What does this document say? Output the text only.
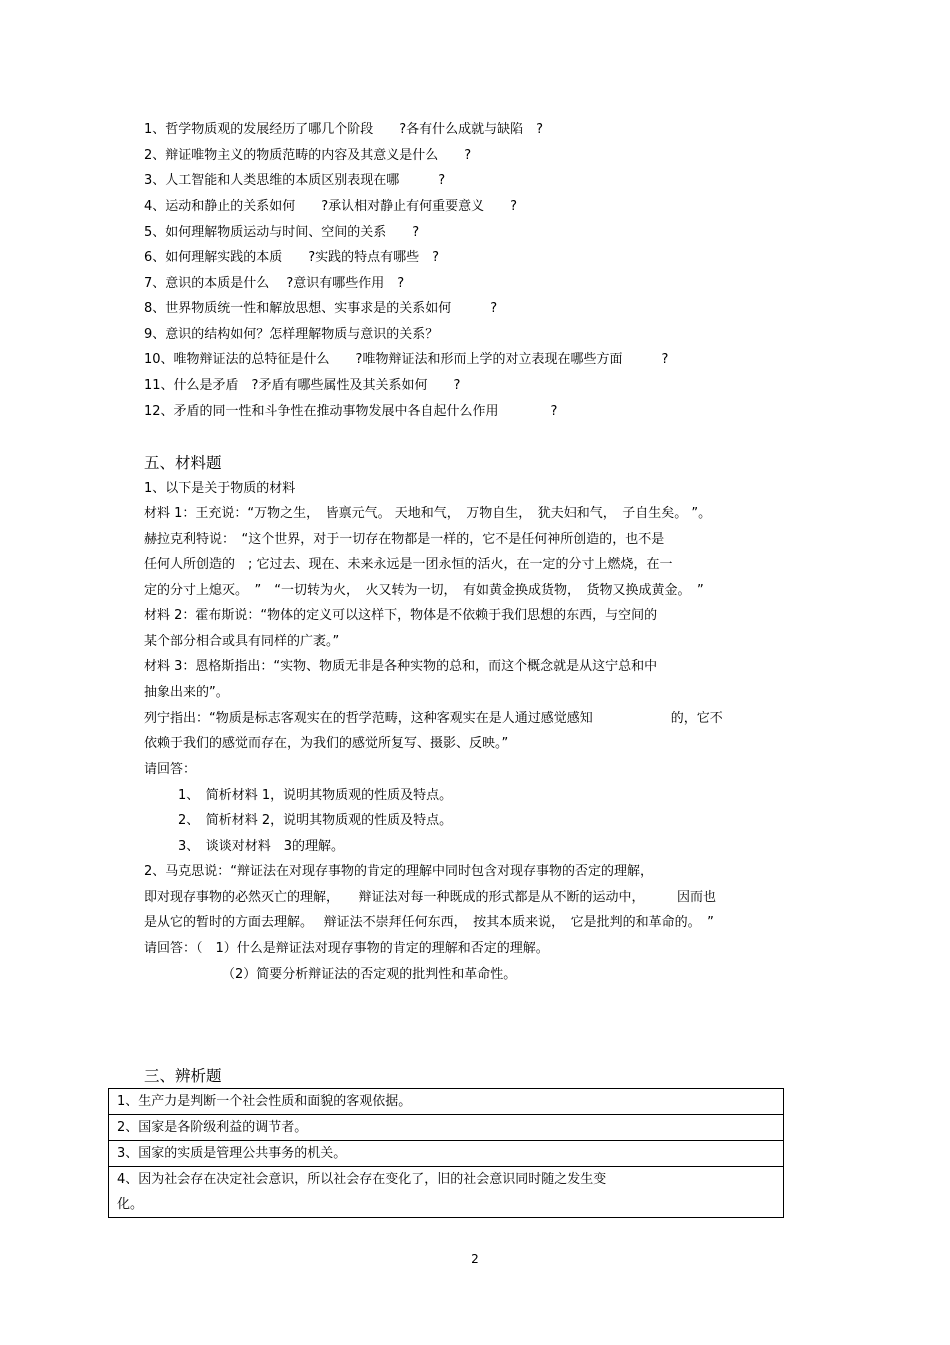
1、哲学物质观的发展经历了哪几个阶段　　?各有什么成就与缺陷　?
2、辩证唯物主义的物质范畴的内容及其意义是什么　　?
3、人工智能和人类思维的本质区别表现在哪　　　?
4、运动和静止的关系如何　　?承认相对静止有何重要意义　　?
5、如何理解物质运动与时间、空间的关系　　?
6、如何理解实践的本质　　?实践的特点有哪些　?
7、意识的本质是什么　 ?意识有哪些作用　?
8、世界物质统一性和解放思想、实事求是的关系如何　　　?
9、意识的结构如何？怎样理解物质与意识的关系？
10、唯物辩证法的总特征是什么　　?唯物辩证法和形而上学的对立表现在哪些方面　　　?
11、什么是矛盾　?矛盾有哪些属性及其关系如何　　?
12、矛盾的同一性和斗争性在推动事物发展中各自起什么作用　　　　?
五、材料题
1、以下是关于物质的材料
材料 1：王充说：“万物之生，　皆禀元气。 天地和气，　万物自生，　犹夫妇和气，　子自生矣。 ”。
赫拉克利特说：　“这个世界，对于一切存在物都是一样的，它不是任何神所创造的，也不是
任何人所创造的　; 它过去、现在、未来永远是一团永恒的活火，在一定的分寸上燃烧，在一
定的分寸上熄灭。　”　“一切转为火，　火又转为一切，　有如黄金换成货物，　货物又换成黄金。　”
材料 2：霍布斯说：“物体的定义可以这样下，物体是不依赖于我们思想的东西，与空间的
某个部分相合或具有同样的广袤。”
材料 3：恩格斯指出：“实物、物质无非是各种实物的总和，而这个概念就是从这宁总和中
抽象出来的”。
列宁指出：“物质是标志客观实在的哲学范畴，这种客观实在是人通过感觉感知　　　　　　的，它不
依赖于我们的感觉而存在，为我们的感觉所复写、摄影、反映。”
请回答：
1、　简析材料 1，说明其物质观的性质及特点。
2、　简析材料 2，说明其物质观的性质及特点。
3、　谈谈对材料　3的理解。
2、马克思说：“辩证法在对现存事物的肯定的理解中同时包含对现存事物的否定的理解，
即对现存事物的必然灭亡的理解，　　辩证法对每一种既成的形式都是从不断的运动中，　　　因而也
是从它的暂时的方面去理解。　 辩证法不崇拜任何东西，　按其本质来说，　它是批判的和革命的。　”
请回答：（　1）什么是辩证法对现存事物的肯定的理解和否定的理解。
（2）简要分析辩证法的否定观的批判性和革命性。
三、辨析题
1、生产力是判断一个社会性质和面貌的客观依据。
2、国家是各阶级利益的调节者。
3、国家的实质是管理公共事务的机关。
4、因为社会存在决定社会意识，所以社会存在变化了，旧的社会意识同时随之发生变
化。
2
